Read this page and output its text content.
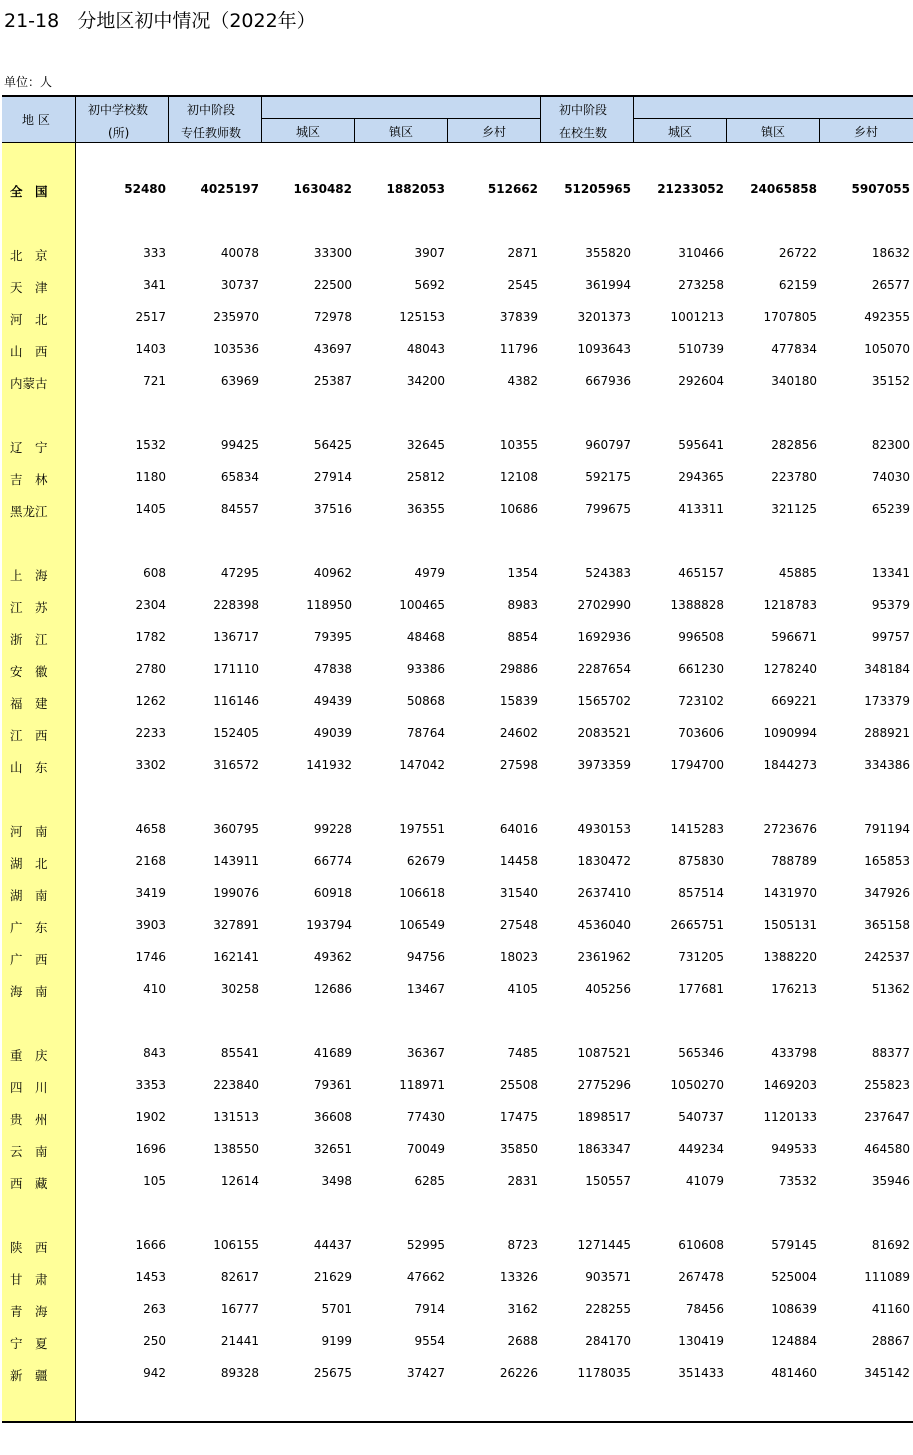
21-18   分地区初中情况（2022年）
单位：人
地 区
初中学校数
(所)
初中阶段
专任教师数	城区	镇区	乡村
初中阶段
在校生数	城区	镇区	乡村
全　国	52480	4025197	1630482	1882053	512662 51205965 21233052 24065858	5907055
北　京	333	40078	33300	3907	2871	355820	310466	26722	18632
天　津	341	30737	22500	5692	2545	361994	273258	62159	26577
河　北	2517	235970	72978	125153	37839	3201373	1001213	1707805	492355
山　西	1403	103536	43697	48043	11796	1093643	510739	477834	105070
内蒙古	721	63969	25387	34200	4382	667936	292604	340180	35152
辽　宁	1532	99425	56425	32645	10355	960797	595641	282856	82300
吉　林	1180	65834	27914	25812	12108	592175	294365	223780	74030
黑龙江	1405	84557	37516	36355	10686	799675	413311	321125	65239
上　海	608	47295	40962	4979	1354	524383	465157	45885	13341
江　苏	2304	228398	118950	100465	8983	2702990	1388828	1218783	95379
浙　江	1782	136717	79395	48468	8854	1692936	996508	596671	99757
安　徽	2780	171110	47838	93386	29886	2287654	661230	1278240	348184
福　建	1262	116146	49439	50868	15839	1565702	723102	669221	173379
江　西	2233	152405	49039	78764	24602	2083521	703606	1090994	288921
山　东	3302	316572	141932	147042	27598	3973359	1794700	1844273	334386
河　南	4658	360795	99228	197551	64016	4930153	1415283	2723676	791194
湖　北	2168	143911	66774	62679	14458	1830472	875830	788789	165853
湖　南	3419	199076	60918	106618	31540	2637410	857514	1431970	347926
广　东	3903	327891	193794	106549	27548	4536040	2665751	1505131	365158
广　西	1746	162141	49362	94756	18023	2361962	731205	1388220	242537
海　南	410	30258	12686	13467	4105	405256	177681	176213	51362
重　庆	843	85541	41689	36367	7485	1087521	565346	433798	88377
四　川	3353	223840	79361	118971	25508	2775296	1050270	1469203	255823
贵　州	1902	131513	36608	77430	17475	1898517	540737	1120133	237647
云　南	1696	138550	32651	70049	35850	1863347	449234	949533	464580
西　藏	105	12614	3498	6285	2831	150557	41079	73532	35946
陕　西	1666	106155	44437	52995	8723	1271445	610608	579145	81692
甘　肃	1453	82617	21629	47662	13326	903571	267478	525004	111089
青　海	263	16777	5701	7914	3162	228255	78456	108639	41160
宁　夏	250	21441	9199	9554	2688	284170	130419	124884	28867
新　疆	942	89328	25675	37427	26226	1178035	351433	481460	345142
